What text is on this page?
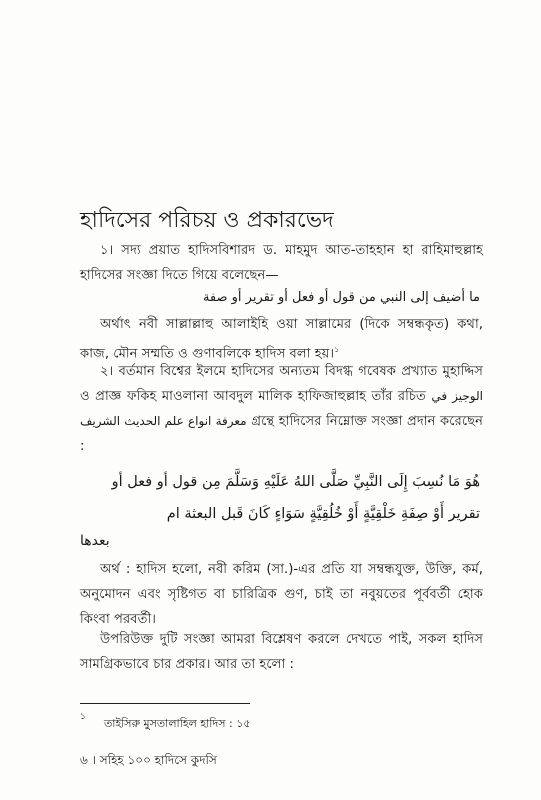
হাদিসের পরিচয় ও প্রকারভেদ
১। সদ্য প্রয়াত হাদিসবিশারদ ড. মাহমুদ আত-তাহহান হা রাহিমাহুল্লাহ হাদিসের সংজ্ঞা দিতে গিয়ে বলেছেন—
ما أضيف إلى النبي من قول أو فعل أو تقرير أو صفة
অর্থাৎ নবী সাল্লাল্লাহু আলাইহি ওয়া সাল্লামের (দিকে সম্বন্ধকৃত) কথা, কাজ, মৌন সম্মতি ও গুণাবলিকে হাদিস বলা হয়।$^১$
২। বর্তমান বিশ্বের ইলমে হাদিসের অন্যতম বিদগ্ধ গবেষক প্রখ্যাত মুহাদ্দিস ও প্রাজ্ঞ ফকিহ মাওলানা আবদুল মালিক হাফিজাহুল্লাহ তাঁর রচিত الوجيز في معرفة انواع علم الحديث الشريف গ্রন্থে হাদিসের নিম্নোক্ত সংজ্ঞা প্রদান করেছেন :
هُوَ مَا نُسِبَ إِلَى النَّبِيِّ صَلَّى اللهُ عَلَيْهِ وَسَلَّمَ مِن قول أو فعل أو
تقرير أَوْ صِفَةِ خَلْقِيَّةٍ أَوْ خُلُقِيَّةٍ سَوَاءٍ كَانَ قَبل البعثة ام
بعدها
অর্থ : হাদিস হলো, নবী করিম (সা.)-এর প্রতি যা সম্বন্ধযুক্ত, উক্তি, কর্ম, অনুমোদন এবং সৃষ্টিগত বা চারিত্রিক গুণ, চাই তা নবুয়তের পূর্ববর্তী হোক কিংবা পরবর্তী।
উপরিউক্ত দুটি সংজ্ঞা আমরা বিশ্লেষণ করলে দেখতে পাই, সকল হাদিস সামগ্রিকভাবে চার প্রকার। আর তা হলো :
১ তাইসিরু মুসতালাহিল হাদিস : ১৫
৬ । সহিহ ১০০ হাদিসে কুদসি
